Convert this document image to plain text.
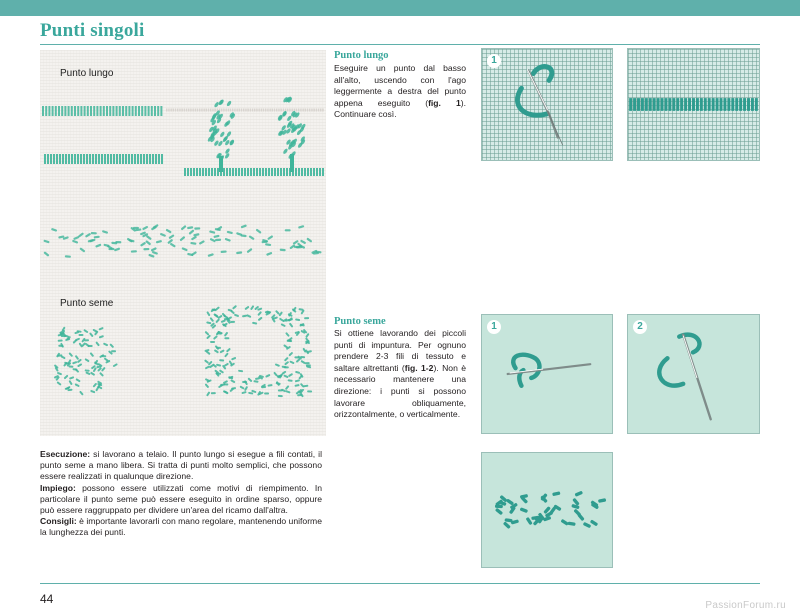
Punti singoli
Punto lungo
Punto seme

Esecuzione: si lavorano a telaio. Il punto lungo si esegue a fili contati, il punto seme a mano libera. Si tratta di punti molto semplici, che possono essere realizzati in qualunque direzione.

Impiego: possono essere utilizzati come motivi di riempimento. In particolare il punto seme può essere eseguito in ordine sparso, oppure può essere raggruppato per dividere un'area del ricamo dall'altra.

Consigli: è importante lavorarli con mano regolare, mantenendo uniforme la lunghezza dei punti.

Punto lungo
Eseguire un punto dal basso all'alto, uscendo con l'ago leggermente a destra del punto appena eseguito (fig. 1). Continuare così.
Punto seme
Si ottiene lavorando dei piccoli punti di impuntura. Per ognuno prendere 2-3 fili di tessuto e saltare altrettanti (fig. 1-2). Non è necessario mantenere una direzione: i punti si possono lavorare obliquamente, orizzontalmente, o verticalmente.
1
1	2
44	PassionForum.ru
